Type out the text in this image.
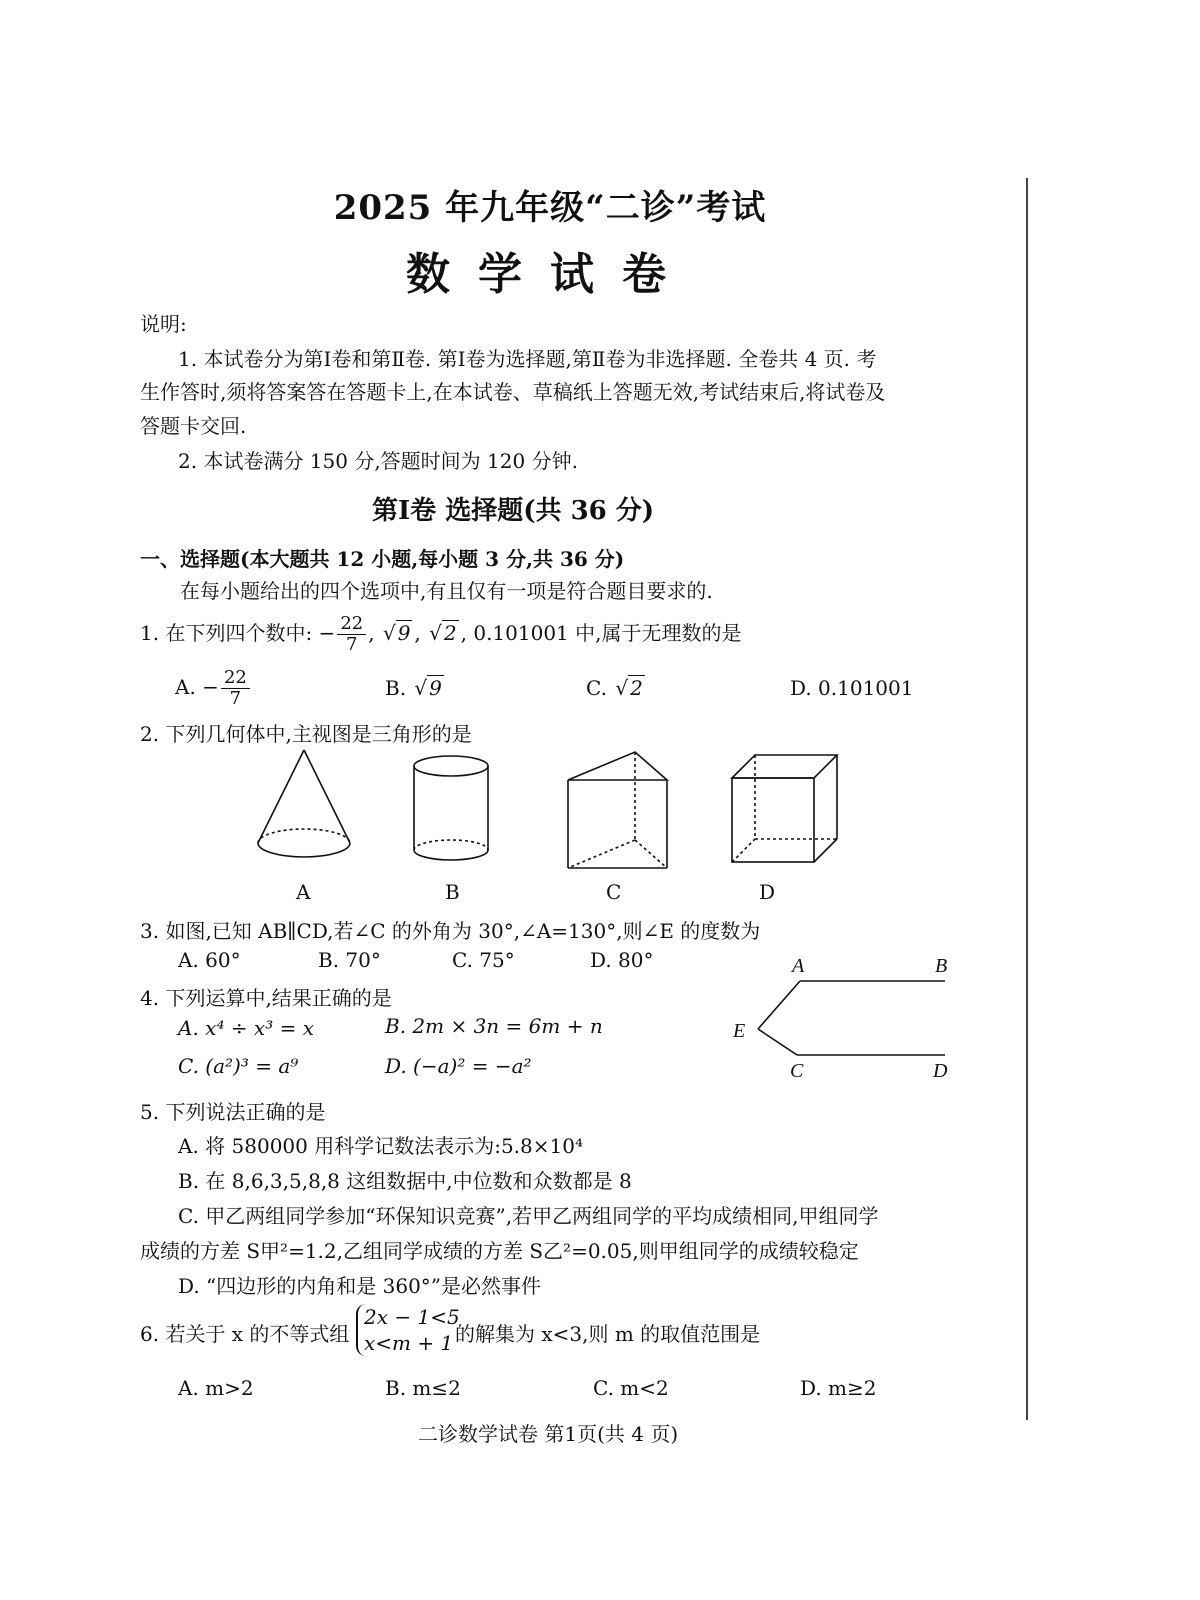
2025 年九年级“二诊”考试
数学试卷
说明:
1. 本试卷分为第Ⅰ卷和第Ⅱ卷. 第Ⅰ卷为选择题,第Ⅱ卷为非选择题. 全卷共 4 页. 考
生作答时,须将答案答在答题卡上,在本试卷、草稿纸上答题无效,考试结束后,将试卷及
答题卡交回.
2. 本试卷满分 150 分,答题时间为 120 分钟.
第Ⅰ卷 选择题(共 36 分)
一、选择题(本大题共 12 小题,每小题 3 分,共 36 分)
在每小题给出的四个选项中,有且仅有一项是符合题目要求的.
1. 在下列四个数中: − $\frac{22}{7}$ , √ 9 , √ 2 , 0.101001 中,属于无理数的是
A. − $\frac{22}{7}$	B. √ 9	C. √ 2	D. 0.101001
2. 下列几何体中,主视图是三角形的是
A	B	C	D
3. 如图,已知 AB∥CD,若∠C 的外角为 30°,∠A=130°,则∠E 的度数为
A. 60°	B. 70°	C. 75°	D. 80°	A	B
E
C	D
4. 下列运算中,结果正确的是
A. x⁴ ÷ x³ = x	B. 2m × 3n = 6m + n
C. (a²)³ = a⁹	D. (−a)² = −a²
5. 下列说法正确的是
A. 将 580000 用科学记数法表示为:5.8×10⁴
B. 在 8,6,3,5,8,8 这组数据中,中位数和众数都是 8
C. 甲乙两组同学参加“环保知识竞赛”,若甲乙两组同学的平均成绩相同,甲组同学
成绩的方差 S甲²=1.2,乙组同学成绩的方差 S乙²=0.05,则甲组同学的成绩较稳定
D. “四边形的内角和是 360°”是必然事件
6. 若关于 x 的不等式组
2x − 1<5
x<m + 1 的解集为 x<3,则 m 的取值范围是
A. m>2	B. m≤2	C. m<2	D. m≥2
二诊数学试卷 第1页(共 4 页)
